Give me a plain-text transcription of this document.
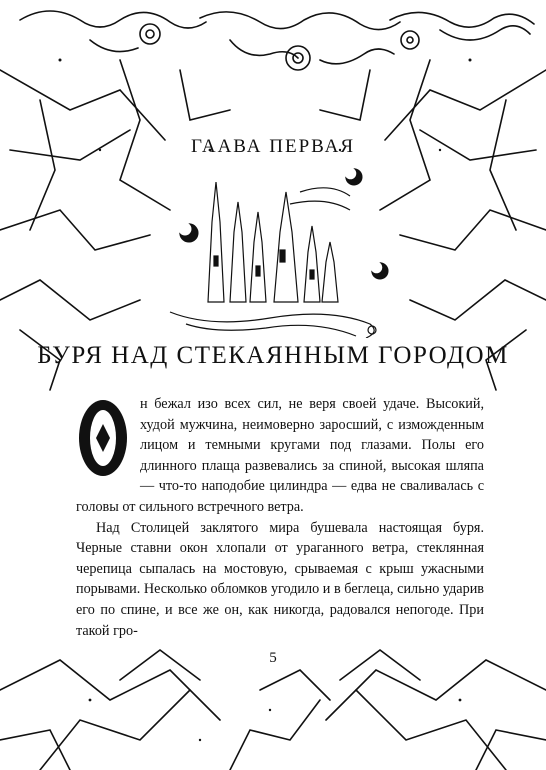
ГААВА ПЕРВАЯ
БУРЯ НАД СТЕКАЯННЫМ ГОРОДОМ

н бежал изо всех сил, не веря своей удаче. Высокий, худой мужчина, неимоверно заросший, с изможденным лицом и темными кругами под глазами. Полы его длинного плаща развевались за спиной, высокая шляпа — что-то наподобие цилиндра — едва не сваливалась с головы от сильного встречного ветра.

Над Столицей заклятого мира бушевала настоящая буря. Черные ставни окон хлопали от ураганного ветра, стеклянная черепица сыпалась на мостовую, срываемая с крыш ужасными порывами. Несколько обломков угодило и в беглеца, сильно ударив его по спине, и все же он, как никогда, радовался непогоде. При такой гро-

5
